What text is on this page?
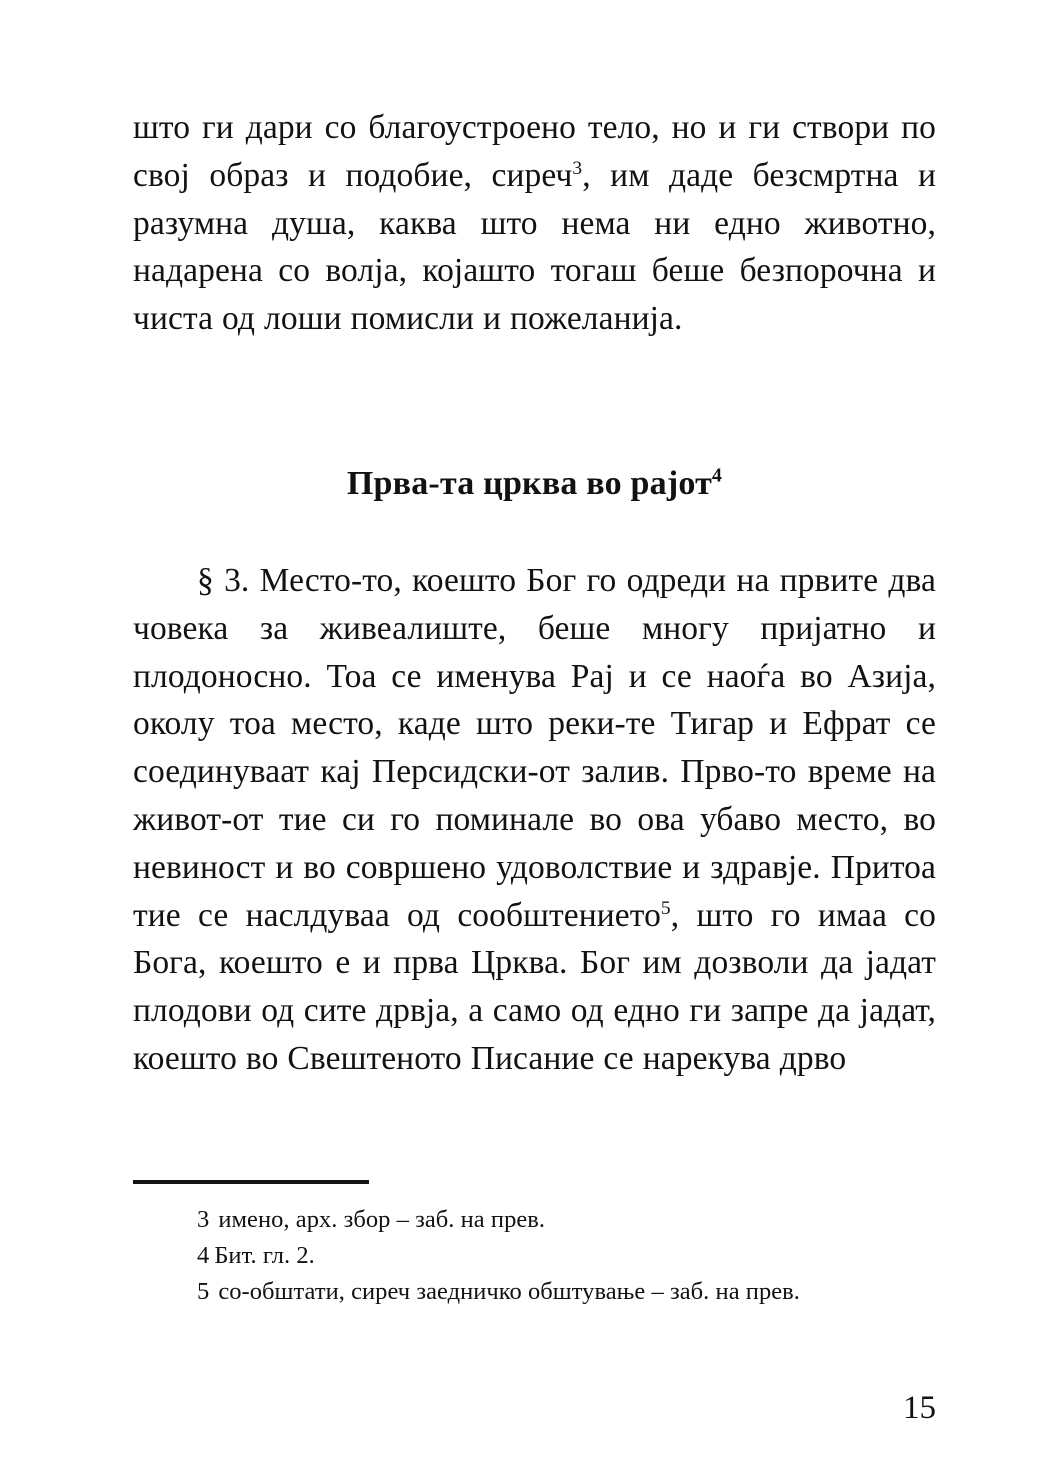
што ги дари со благоустроено тело, но и ги створи по свој образ и подобие, сиреч$^3$, им даде безсмртна и разумна душа, каква што нема ни едно животно, надарена со волја, којашто тогаш беше безпорочна и чиста од лоши помисли и пожеланија.

Прва-та црква во рајот$^4$

§ 3. Место-то, коешто Бог го одреди на првите два човека за живеалиште, беше многу пријатно и плодоносно. Тоа се именува Рај и се наоѓа во Азија, околу тоа место, каде што реки-те Тигар и Ефрат се соединуваат кај Персидски-от залив. Прво-то време на живот-от тие си го поминале во ова убаво место, во невиност и во совршено удоволствие и здравје. Притоа тие се наслдуваа од сообштението$^5$, што го имаа со Бога, коешто е и прва Црква. Бог им дозволи да јадат плодови од сите дрвја, а само од едно ги запре да јадат, коешто во Свештеното Писание се нарекува дрво

3 имено, арх. збор – заб. на прев.

4 Бит. гл. 2.

5 со-обштати, сиреч заедничко обштување – заб. на прев.

15
